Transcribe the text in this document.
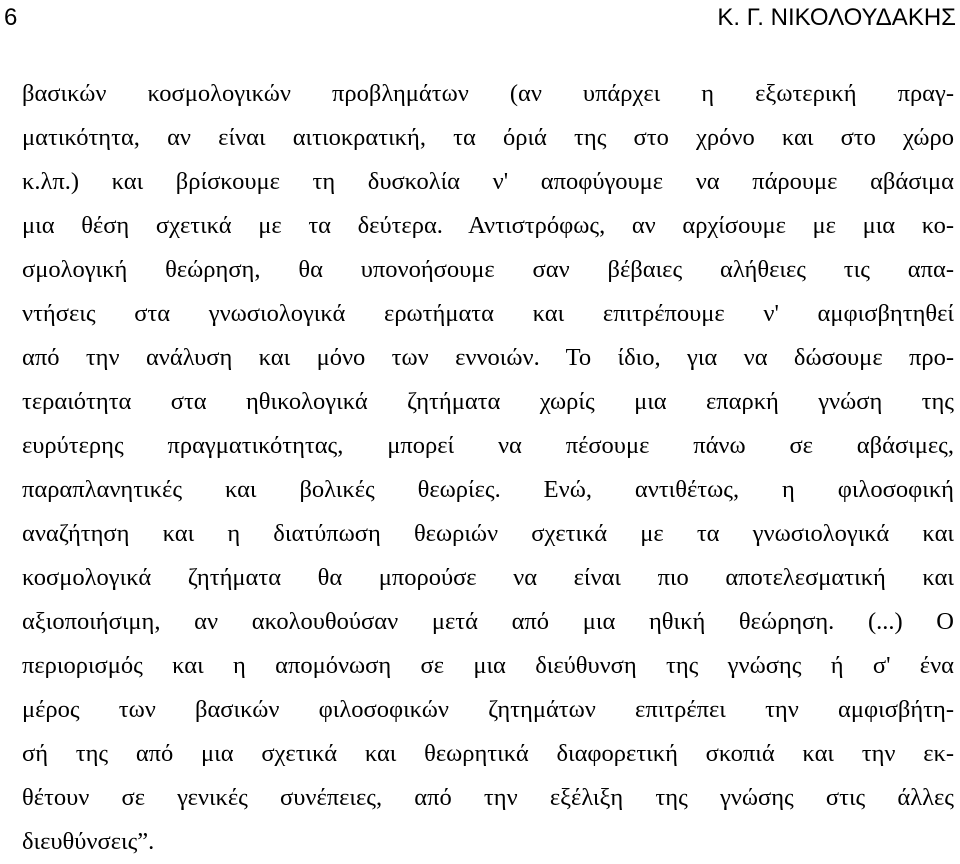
6	Κ. Γ. ΝΙΚΟΛΟΥΔΑΚΗΣ
βασικών κοσμολογικών προβλημάτων (αν υπάρχει η εξωτερική πραγ-
ματικότητα, αν είναι αιτιοκρατική, τα όριά της στο χρόνο και στο χώρο
κ.λπ.) και βρίσκουμε τη δυσκολία ν' αποφύγουμε να πάρουμε αβάσιμα
μια θέση σχετικά με τα δεύτερα. Αντιστρόφως, αν αρχίσουμε με μια κο-
σμολογική θεώρηση, θα υπονοήσουμε σαν βέβαιες αλήθειες τις απα-
ντήσεις στα γνωσιολογικά ερωτήματα και επιτρέπουμε ν' αμφισβητηθεί
από την ανάλυση και μόνο των εννοιών. Το ίδιο, για να δώσουμε προ-
τεραιότητα στα ηθικολογικά ζητήματα χωρίς μια επαρκή γνώση της
ευρύτερης πραγματικότητας, μπορεί να πέσουμε πάνω σε αβάσιμες,
παραπλανητικές και βολικές θεωρίες. Ενώ, αντιθέτως, η φιλοσοφική
αναζήτηση και η διατύπωση θεωριών σχετικά με τα γνωσιολογικά και
κοσμολογικά ζητήματα θα μπορούσε να είναι πιο αποτελεσματική και
αξιοποιήσιμη, αν ακολουθούσαν μετά από μια ηθική θεώρηση. (...) Ο
περιορισμός και η απομόνωση σε μια διεύθυνση της γνώσης ή σ' ένα
μέρος των βασικών φιλοσοφικών ζητημάτων επιτρέπει την αμφισβήτη-
σή της από μια σχετικά και θεωρητικά διαφορετική σκοπιά και την εκ-
θέτουν σε γενικές συνέπειες, από την εξέλιξη της γνώσης στις άλλες
διευθύνσεις”.
